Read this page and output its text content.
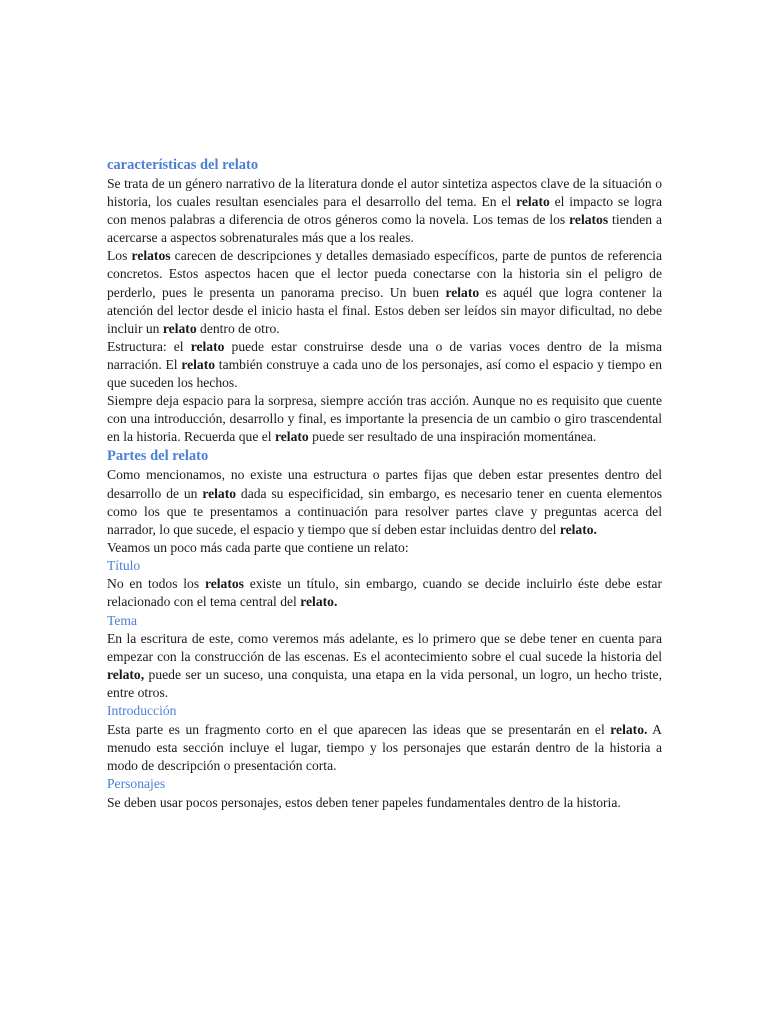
características del relato

Se trata de un género narrativo de la literatura donde el autor sintetiza aspectos clave de la situación o historia, los cuales resultan esenciales para el desarrollo del tema. En el relato el impacto se logra con menos palabras a diferencia de otros géneros como la novela. Los temas de los relatos tienden a acercarse a aspectos sobrenaturales más que a los reales.

Los relatos carecen de descripciones y detalles demasiado específicos, parte de puntos de referencia concretos. Estos aspectos hacen que el lector pueda conectarse con la historia sin el peligro de perderlo, pues le presenta un panorama preciso. Un buen relato es aquél que logra contener la atención del lector desde el inicio hasta el final. Estos deben ser leídos sin mayor dificultad, no debe incluir un relato dentro de otro.

Estructura: el relato puede estar construirse desde una o de varias voces dentro de la misma narración. El relato también construye a cada uno de los personajes, así como el espacio y tiempo en que suceden los hechos.

Siempre deja espacio para la sorpresa, siempre acción tras acción. Aunque no es requisito que cuente con una introducción, desarrollo y final, es importante la presencia de un cambio o giro trascendental en la historia. Recuerda que el relato puede ser resultado de una inspiración momentánea.

Partes del relato

Como mencionamos, no existe una estructura o partes fijas que deben estar presentes dentro del desarrollo de un relato dada su especificidad, sin embargo, es necesario tener en cuenta elementos como los que te presentamos a continuación para resolver partes clave y preguntas acerca del narrador, lo que sucede, el espacio y tiempo que sí deben estar incluidas dentro del relato.

Veamos un poco más cada parte que contiene un relato:

Título

No en todos los relatos existe un título, sin embargo, cuando se decide incluirlo éste debe estar relacionado con el tema central del relato.

Tema

En la escritura de este, como veremos más adelante, es lo primero que se debe tener en cuenta para empezar con la construcción de las escenas. Es el acontecimiento sobre el cual sucede la historia del relato, puede ser un suceso, una conquista, una etapa en la vida personal, un logro, un hecho triste, entre otros.

Introducción

Esta parte es un fragmento corto en el que aparecen las ideas que se presentarán en el relato. A menudo esta sección incluye el lugar, tiempo y los personajes que estarán dentro de la historia a modo de descripción o presentación corta.

Personajes

Se deben usar pocos personajes, estos deben tener papeles fundamentales dentro de la historia.
